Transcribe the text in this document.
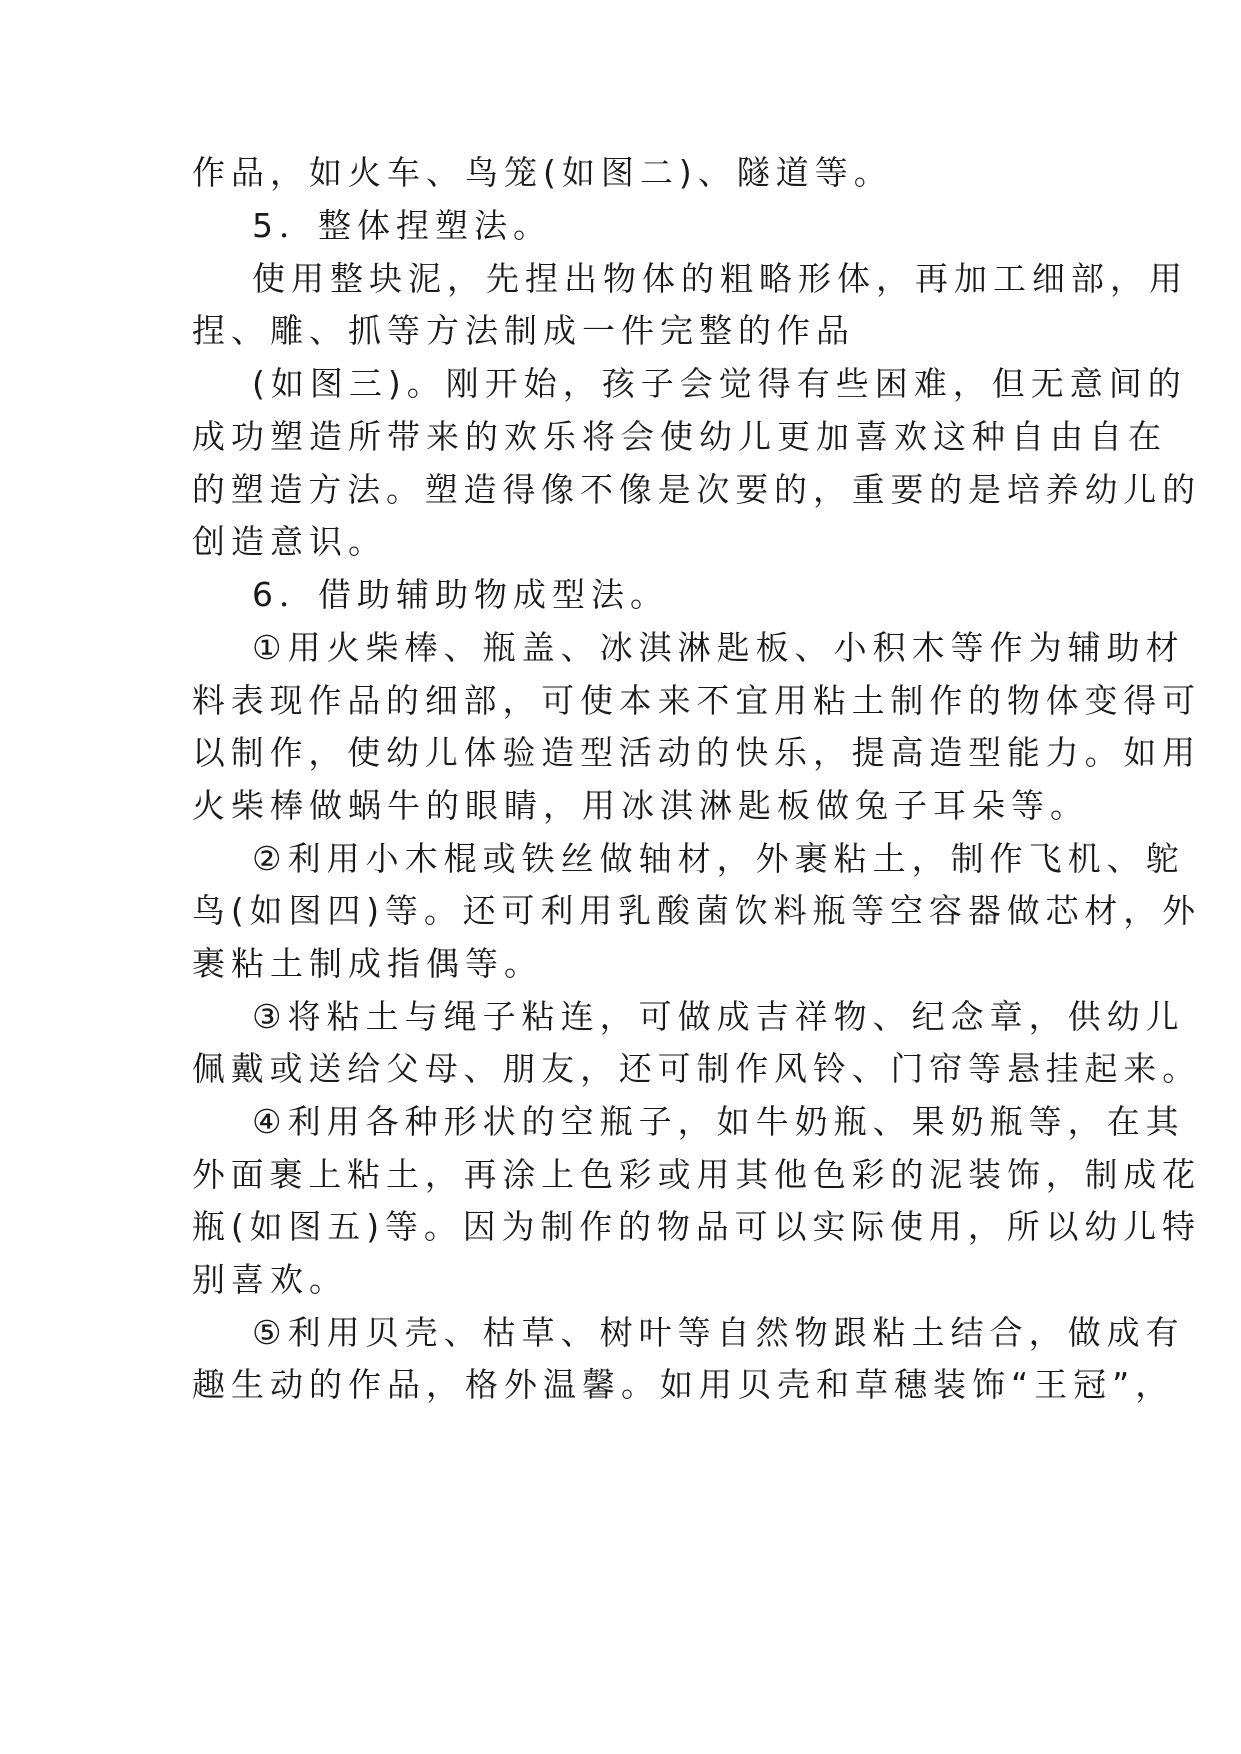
作品，如火车、鸟笼(如图二)、隧道等。
5．整体捏塑法。
使用整块泥，先捏出物体的粗略形体，再加工细部，用
捏、雕、抓等方法制成一件完整的作品
(如图三)。刚开始，孩子会觉得有些困难，但无意间的
成功塑造所带来的欢乐将会使幼儿更加喜欢这种自由自在
的塑造方法。塑造得像不像是次要的，重要的是培养幼儿的
创造意识。
6．借助辅助物成型法。
①用火柴棒、瓶盖、冰淇淋匙板、小积木等作为辅助材
料表现作品的细部，可使本来不宜用粘土制作的物体变得可
以制作，使幼儿体验造型活动的快乐，提高造型能力。如用
火柴棒做蜗牛的眼睛，用冰淇淋匙板做兔子耳朵等。
②利用小木棍或铁丝做轴材，外裹粘土，制作飞机、鸵
鸟(如图四)等。还可利用乳酸菌饮料瓶等空容器做芯材，外
裹粘土制成指偶等。
③将粘土与绳子粘连，可做成吉祥物、纪念章，供幼儿
佩戴或送给父母、朋友，还可制作风铃、门帘等悬挂起来。
④利用各种形状的空瓶子，如牛奶瓶、果奶瓶等，在其
外面裹上粘土，再涂上色彩或用其他色彩的泥装饰，制成花
瓶(如图五)等。因为制作的物品可以实际使用，所以幼儿特
别喜欢。
⑤利用贝壳、枯草、树叶等自然物跟粘土结合，做成有
趣生动的作品，格外温馨。如用贝壳和草穗装饰“王冠”，
